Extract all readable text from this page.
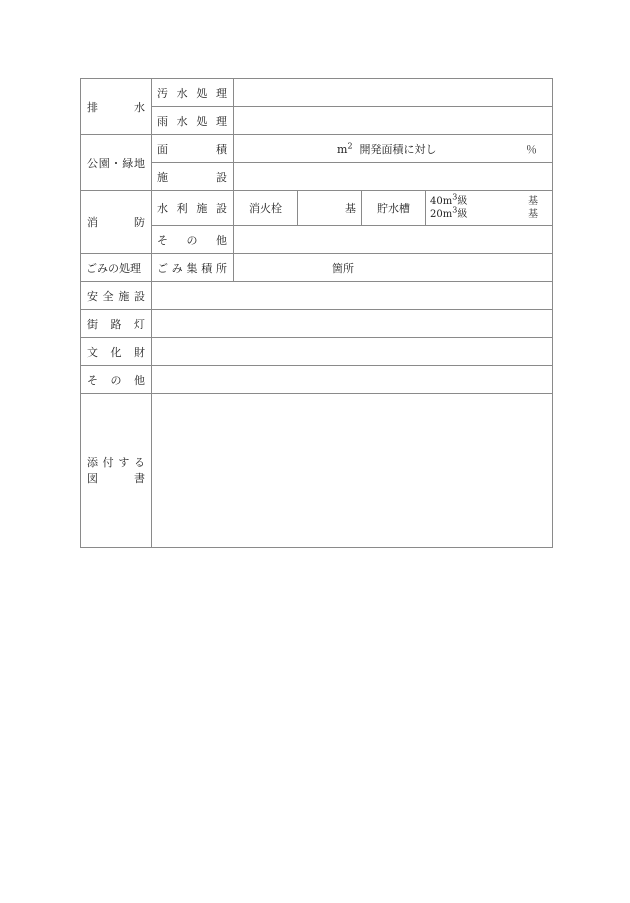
排　水	汚水処理				
	雨水処理				
公園・緑地	面　積	$m^2$ 開発面積に対し ％			

	施　設				
消　防	水利施設	消火栓	基	貯水槽	$40m^3$級 基
$20m^3$級 基

	その他				
ごみの処理	ごみ集積所	箇所			
安全施設					
街路灯					
文化財					
その他					

添付する
図　書					
